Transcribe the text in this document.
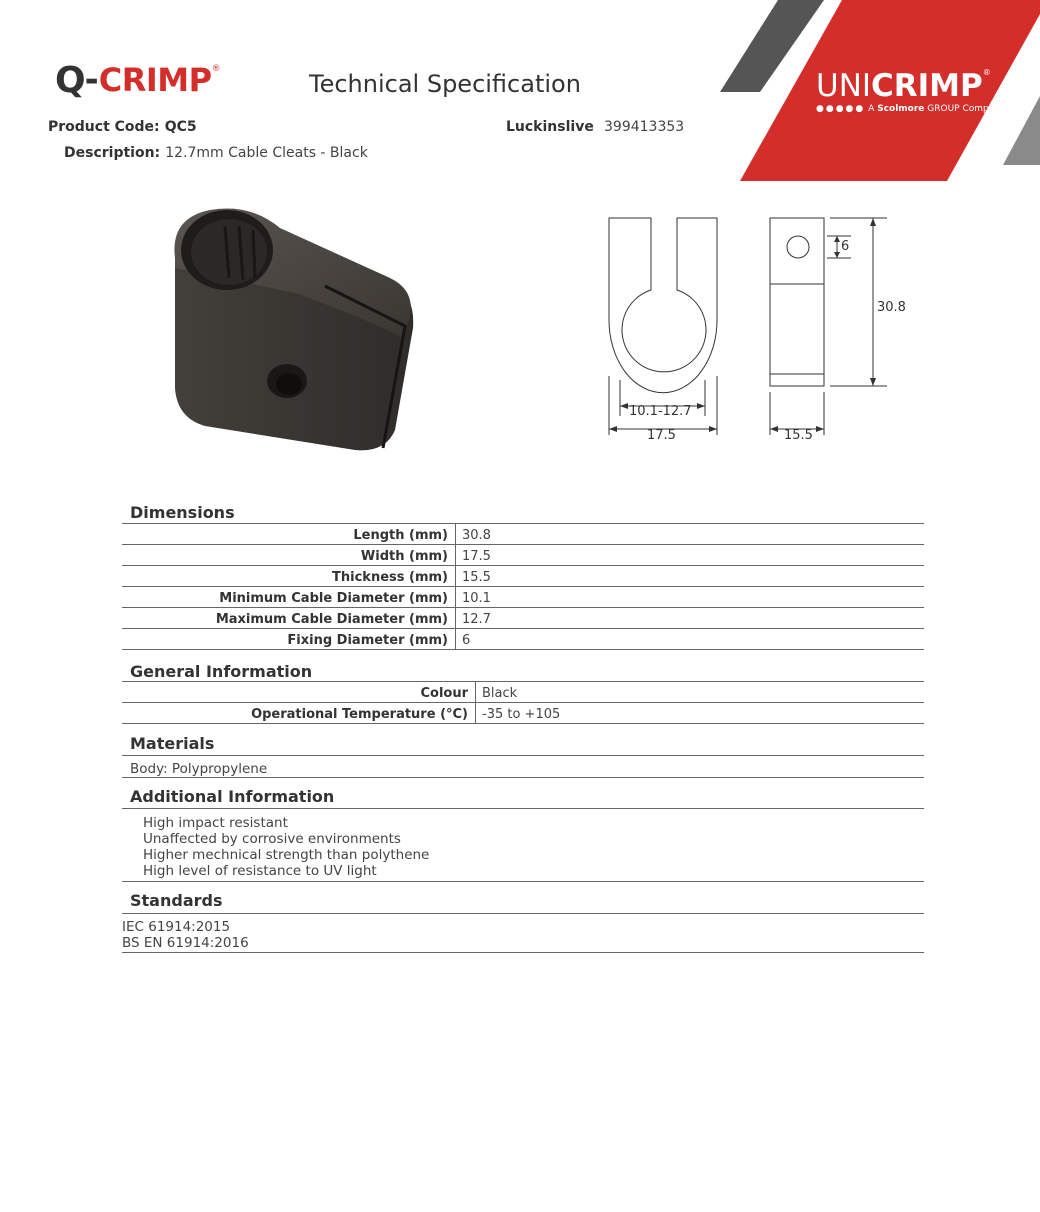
Q - CRIMP ®
Technical Specification
Product Code: QC5
Description: 12.7mm Cable Cleats - Black
Luckinslive 399413353
UNICRIMP®
●●●●● A Scolmore GROUP Company
10.1-12.7
17.5	15.5
6
30.8
Dimensions
Length (mm) 30.8
Width (mm) 17.5
Thickness (mm) 15.5
Minimum Cable Diameter (mm) 10.1
Maximum Cable Diameter (mm) 12.7
Fixing Diameter (mm) 6
General Information
Colour Black
Operational Temperature (°C) -35 to +105
Materials
Body: Polypropylene
Additional Information
High impact resistant
Unaffected by corrosive environments
Higher mechnical strength than polythene
High level of resistance to UV light
Standards
IEC 61914:2015
BS EN 61914:2016
